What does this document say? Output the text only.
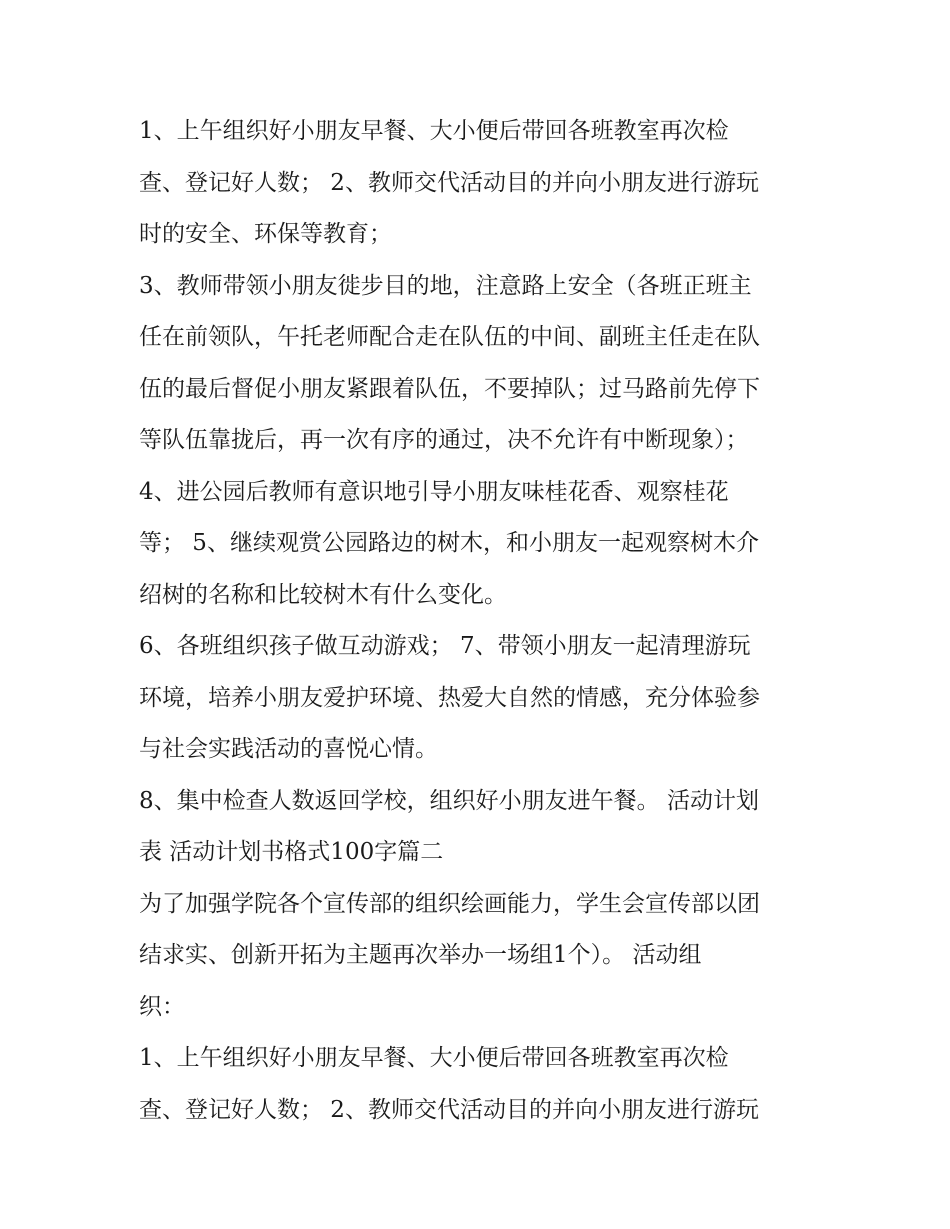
1、上午组织好小朋友早餐、大小便后带回各班教室再次检
查、登记好人数； 2、教师交代活动目的并向小朋友进行游玩
时的安全、环保等教育；
3、教师带领小朋友徙步目的地，注意路上安全（各班正班主
任在前领队，午托老师配合走在队伍的中间、副班主任走在队
伍的最后督促小朋友紧跟着队伍，不要掉队；过马路前先停下
等队伍靠拢后，再一次有序的通过，决不允许有中断现象）；
4、进公园后教师有意识地引导小朋友味桂花香、观察桂花
等； 5、继续观赏公园路边的树木，和小朋友一起观察树木介
绍树的名称和比较树木有什么变化。
6、各班组织孩子做互动游戏； 7、带领小朋友一起清理游玩
环境，培养小朋友爱护环境、热爱大自然的情感，充分体验参
与社会实践活动的喜悦心情。
8、集中检查人数返回学校，组织好小朋友进午餐。 活动计划
表 活动计划书格式100字篇二
为了加强学院各个宣传部的组织绘画能力，学生会宣传部以团
结求实、创新开拓为主题再次举办一场组1个）。 活动组
织：
1、上午组织好小朋友早餐、大小便后带回各班教室再次检
查、登记好人数； 2、教师交代活动目的并向小朋友进行游玩
